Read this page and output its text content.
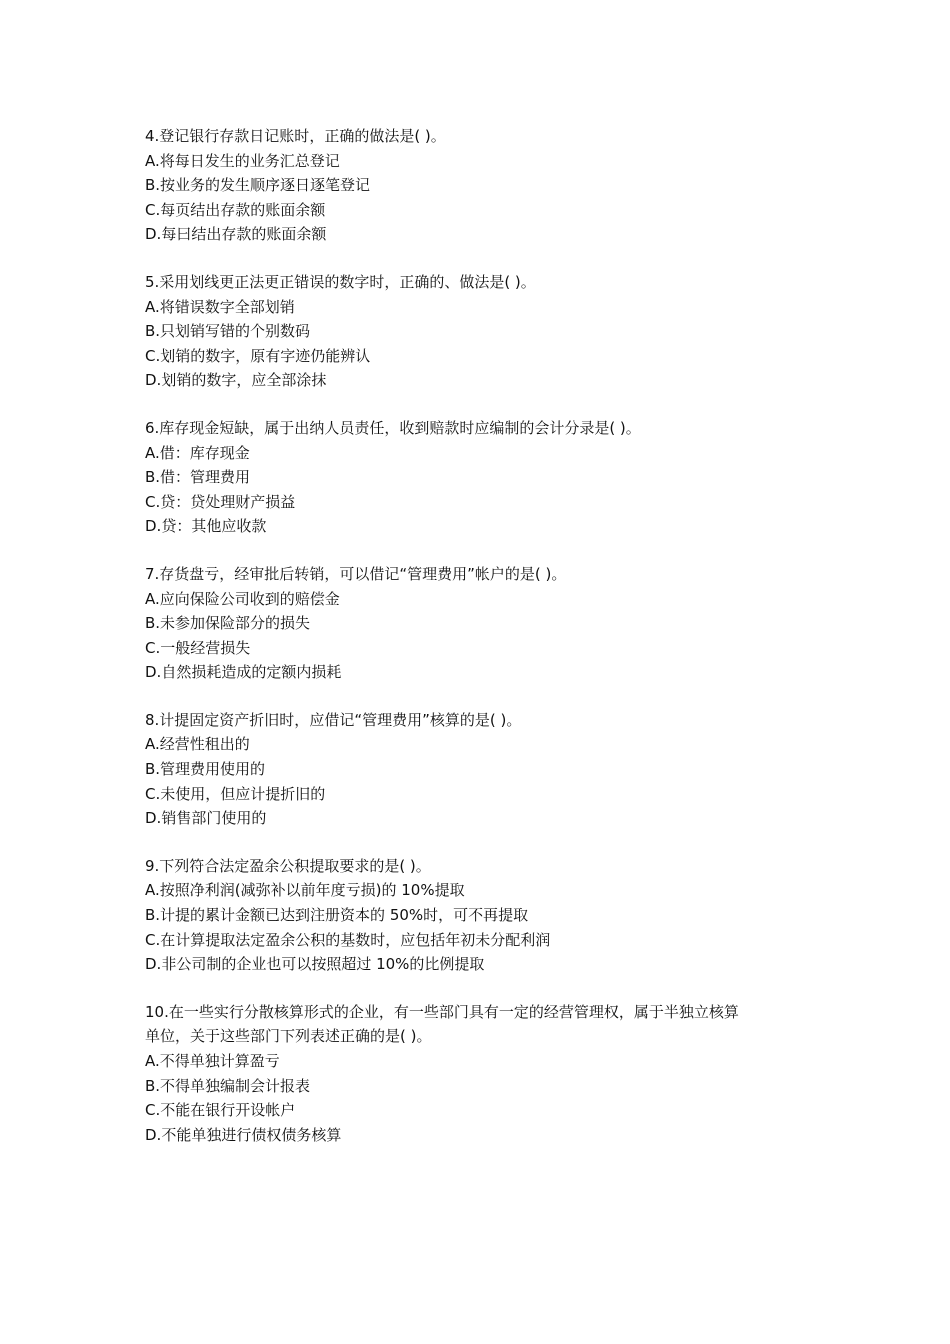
4.登记银行存款日记账时，正确的做法是( )。
A.将每日发生的业务汇总登记
B.按业务的发生顺序逐日逐笔登记
C.每页结出存款的账面余额
D.每曰结出存款的账面余额
5.采用划线更正法更正错误的数字时，正确的、做法是( )。
A.将错误数字全部划销
B.只划销写错的个别数码
C.划销的数字，原有字迹仍能辨认
D.划销的数字，应全部涂抹
6.库存现金短缺，属于出纳人员责任，收到赔款时应编制的会计分录是( )。
A.借：库存现金
B.借：管理费用
C.贷：贷处理财产损益
D.贷：其他应收款
7.存货盘亏，经审批后转销，可以借记“管理费用”帐户的是( )。
A.应向保险公司收到的赔偿金
B.未参加保险部分的损失
C.一般经营损失
D.自然损耗造成的定额内损耗
8.计提固定资产折旧时，应借记“管理费用”核算的是( )。
A.经营性租出的
B.管理费用使用的
C.未使用，但应计提折旧的
D.销售部门使用的
9.下列符合法定盈余公积提取要求的是( )。
A.按照净利润(减弥补以前年度亏损)的 10%提取
B.计提的累计金额已达到注册资本的 50%时，可不再提取
C.在计算提取法定盈余公积的基数时，应包括年初未分配利润
D.非公司制的企业也可以按照超过 10%的比例提取
10.在一些实行分散核算形式的企业，有一些部门具有一定的经营管理权，属于半独立核算
单位，关于这些部门下列表述正确的是( )。
A.不得单独计算盈亏
B.不得单独编制会计报表
C.不能在银行开设帐户
D.不能单独进行债权债务核算
